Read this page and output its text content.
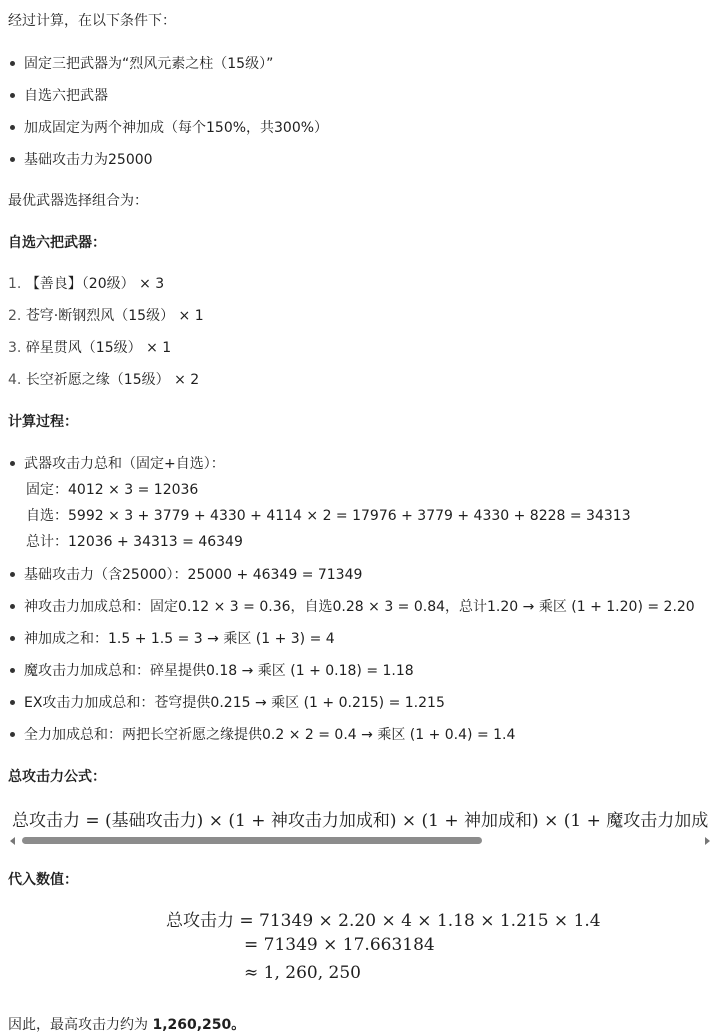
经过计算，在以下条件下：
固定三把武器为“烈风元素之柱（15级）”
自选六把武器
加成固定为两个神加成（每个150%，共300%）
基础攻击力为25000
最优武器选择组合为：
自选六把武器：
1. 【善良】（20级） × 3
2. 苍穹·断钢烈风（15级） × 1
3. 碎星贯风（15级） × 1
4. 长空祈愿之缘（15级） × 2
计算过程：
武器攻击力总和（固定+自选）：
固定：4012 × 3 = 12036
自选：5992 × 3 + 3779 + 4330 + 4114 × 2 = 17976 + 3779 + 4330 + 8228 = 34313
总计：12036 + 34313 = 46349
基础攻击力（含25000）：25000 + 46349 = 71349
神攻击力加成总和：固定0.12 × 3 = 0.36，自选0.28 × 3 = 0.84，总计1.20 → 乘区 (1 + 1.20) = 2.20
神加成之和：1.5 + 1.5 = 3 → 乘区 (1 + 3) = 4
魔攻击力加成总和：碎星提供0.18 → 乘区 (1 + 0.18) = 1.18
EX攻击力加成总和：苍穹提供0.215 → 乘区 (1 + 0.215) = 1.215
全力加成总和：两把长空祈愿之缘提供0.2 × 2 = 0.4 → 乘区 (1 + 0.4) = 1.4
总攻击力公式：
总攻击力 = (基础攻击力) × (1 + 神攻击力加成和) × (1 + 神加成和) × (1 + 魔攻击力加成
代入数值：
总攻击力 = 71349 × 2.20 × 4 × 1.18 × 1.215 × 1.4
= 71349 × 17.663184
≈ 1, 260, 250
因此，最高攻击力约为 1,260,250。
